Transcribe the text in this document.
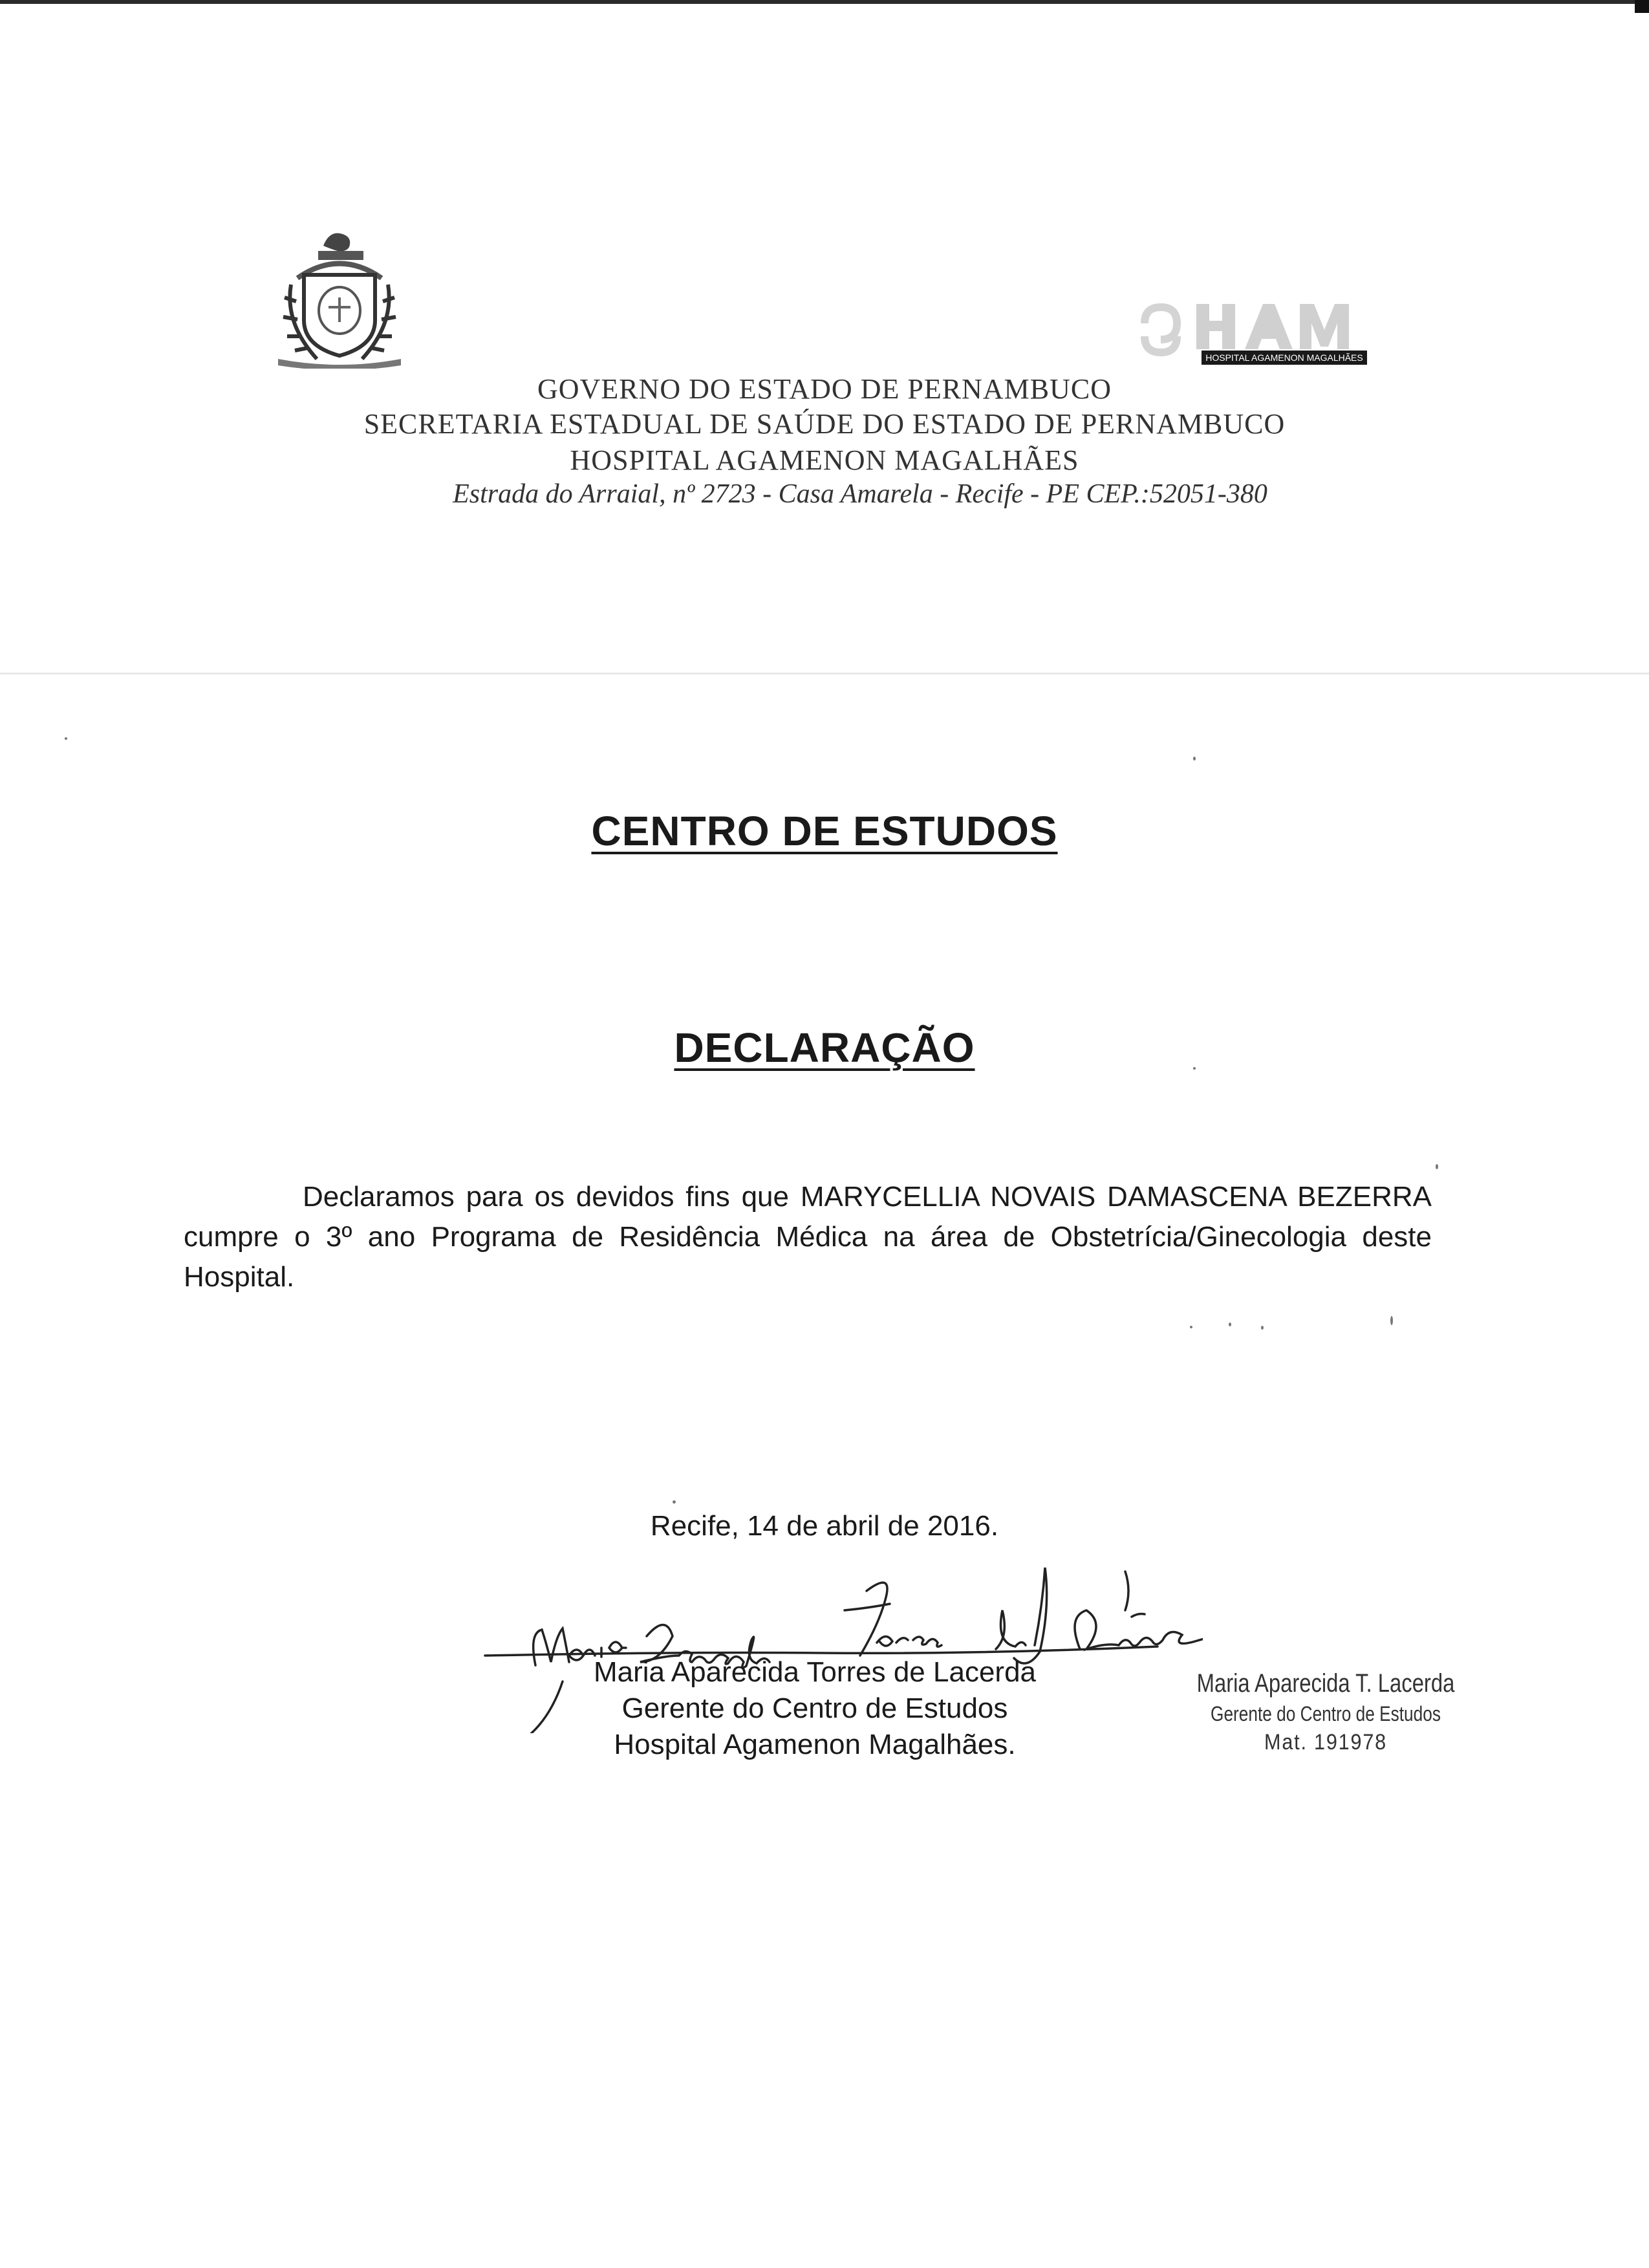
HOSPITAL AGAMENON MAGALHÃES
GOVERNO DO ESTADO DE PERNAMBUCO
SECRETARIA ESTADUAL DE SAÚDE DO ESTADO DE PERNAMBUCO
HOSPITAL AGAMENON MAGALHÃES
Estrada do Arraial, nº 2723 - Casa Amarela - Recife - PE CEP.:52051-380
CENTRO DE ESTUDOS
DECLARAÇÃO
Declaramos para os devidos fins que MARYCELLIA NOVAIS DAMASCENA BEZERRA cumpre o 3º ano Programa de Residência Médica na área de Obstetrícia/Ginecologia deste Hospital.
Recife, 14 de abril de 2016.
Maria Aparecida Torres de Lacerda
Gerente do Centro de Estudos
Hospital Agamenon Magalhães.
Maria Aparecida T. Lacerda
Gerente do Centro de Estudos
Mat. 191978
